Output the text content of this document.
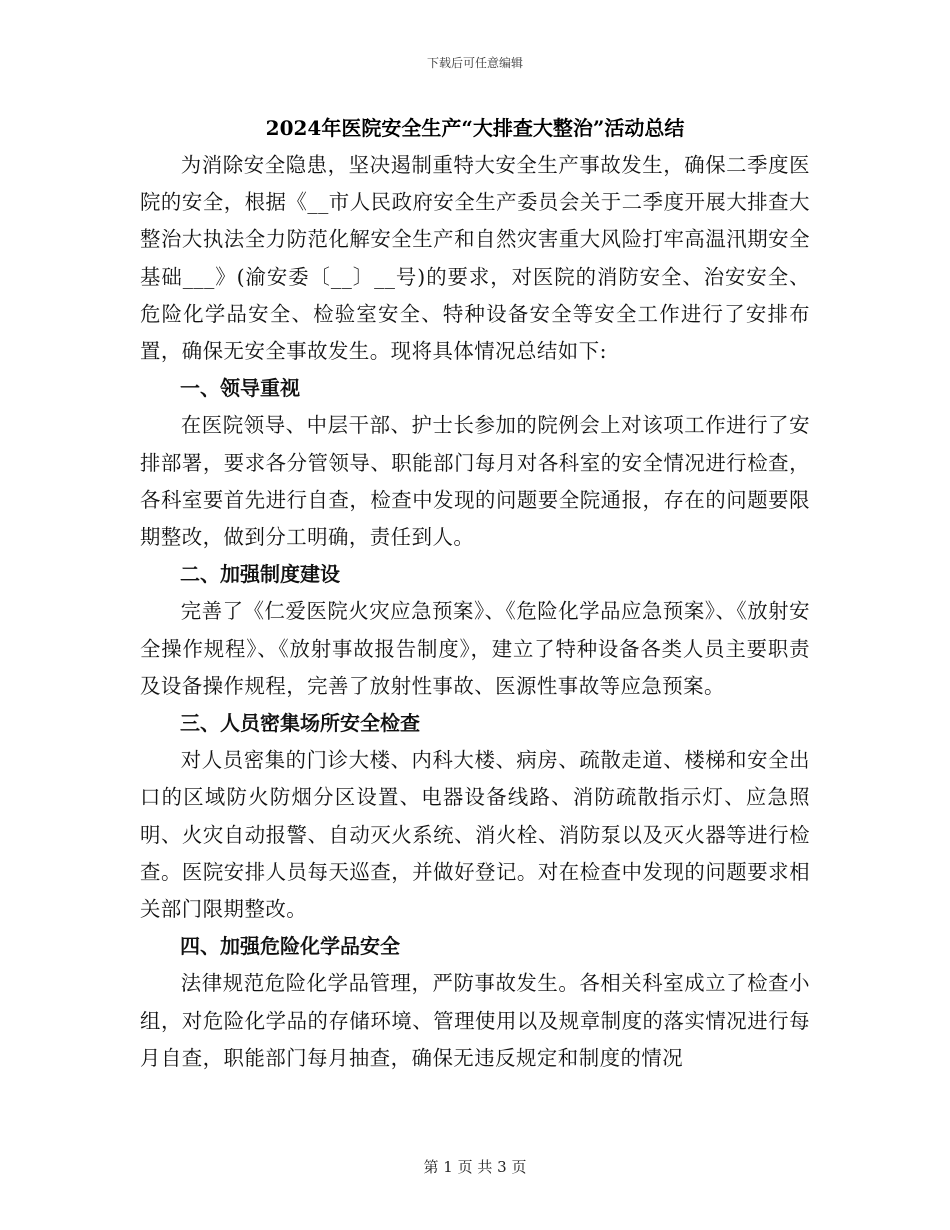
下载后可任意编辑
2024年医院安全生产“大排查大整治”活动总结

为消除安全隐患，坚决遏制重特大安全生产事故发生，确保二季度医院的安全，根据《__市人民政府安全生产委员会关于二季度开展大排查大整治大执法全力防范化解安全生产和自然灾害重大风险打牢高温汛期安全基础___》(渝安委〔__〕__号)的要求，对医院的消防安全、治安安全、危险化学品安全、检验室安全、特种设备安全等安全工作进行了安排布置，确保无安全事故发生。现将具体情况总结如下:

一、领导重视

在医院领导、中层干部、护士长参加的院例会上对该项工作进行了安排部署，要求各分管领导、职能部门每月对各科室的安全情况进行检查，各科室要首先进行自查，检查中发现的问题要全院通报，存在的问题要限期整改，做到分工明确，责任到人。

二、加强制度建设

完善了《仁爱医院火灾应急预案》、《危险化学品应急预案》、《放射安全操作规程》、《放射事故报告制度》，建立了特种设备各类人员主要职责及设备操作规程，完善了放射性事故、医源性事故等应急预案。

三、人员密集场所安全检查

对人员密集的门诊大楼、内科大楼、病房、疏散走道、楼梯和安全出口的区域防火防烟分区设置、电器设备线路、消防疏散指示灯、应急照明、火灾自动报警、自动灭火系统、消火栓、消防泵以及灭火器等进行检查。医院安排人员每天巡查，并做好登记。对在检查中发现的问题要求相关部门限期整改。

四、加强危险化学品安全

法律规范危险化学品管理，严防事故发生。各相关科室成立了检查小组，对危险化学品的存储环境、管理使用以及规章制度的落实情况进行每月自查，职能部门每月抽查，确保无违反规定和制度的情况

第 1 页 共 3 页
